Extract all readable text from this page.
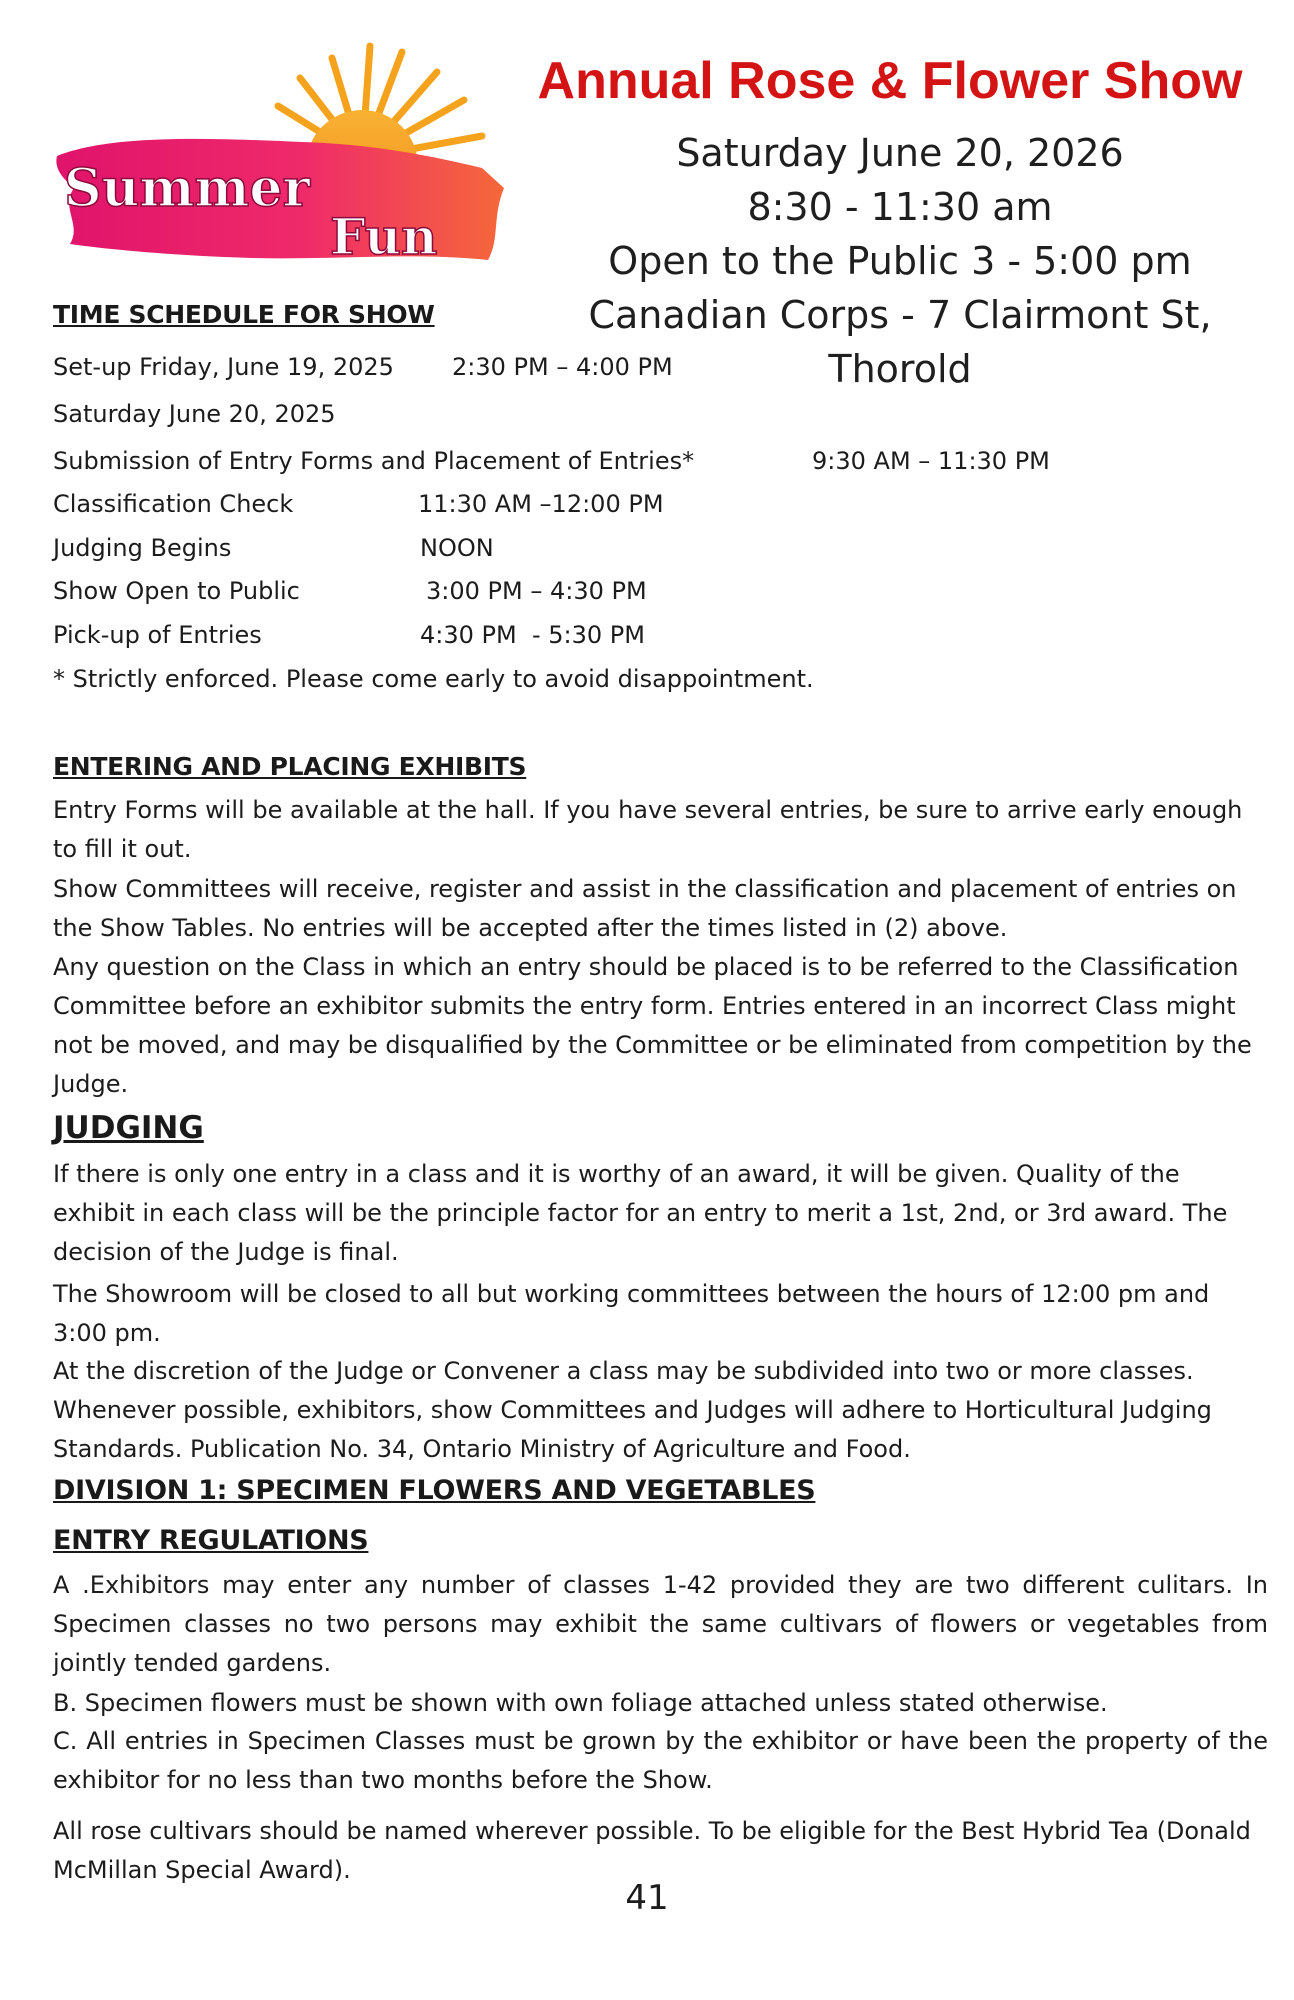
Summer
Fun
Annual Rose & Flower Show
Saturday June 20, 2026
8:30 - 11:30 am
Open to the Public 3 - 5:00 pm
Canadian Corps - 7 Clairmont St,
Thorold
TIME SCHEDULE FOR SHOW
Set-up Friday, June 19, 2025 2:30 PM – 4:00 PM
Saturday June 20, 2025
Submission of Entry Forms and Placement of Entries*	9:30 AM – 11:30 PM
Classification Check	11:30 AM –12:00 PM
Judging Begins	NOON
Show Open to Public	3:00 PM – 4:30 PM
Pick-up of Entries	4:30 PM  - 5:30 PM
* Strictly enforced. Please come early to avoid disappointment.
ENTERING AND PLACING EXHIBITS

Entry Forms will be available at the hall. If you have several entries, be sure to arrive early enough to fill it out.

Show Committees will receive, register and assist in the classification and placement of entries on the Show Tables. No entries will be accepted after the times listed in (2) above.

Any question on the Class in which an entry should be placed is to be referred to the Classification Committee before an exhibitor submits the entry form. Entries entered in an incorrect Class might not be moved, and may be disqualified by the Committee or be eliminated from competition by the Judge.

JUDGING

If there is only one entry in a class and it is worthy of an award, it will be given. Quality of the exhibit in each class will be the principle factor for an entry to merit a 1st, 2nd, or 3rd award. The decision of the Judge is final.

The Showroom will be closed to all but working committees between the hours of 12:00 pm and 3:00 pm.

At the discretion of the Judge or Convener a class may be subdivided into two or more classes. Whenever possible, exhibitors, show Committees and Judges will adhere to Horticultural Judging Standards. Publication No. 34, Ontario Ministry of Agriculture and Food.

DIVISION 1: SPECIMEN FLOWERS AND VEGETABLES
ENTRY REGULATIONS

A .Exhibitors may enter any number of classes 1-42 provided they are two different culitars. In Specimen classes no two persons may exhibit the same cultivars of flowers or vegetables from jointly tended gardens.

B. Specimen flowers must be shown with own foliage attached unless stated otherwise.

C. All entries in Specimen Classes must be grown by the exhibitor or have been the property of the exhibitor for no less than two months before the Show.

All rose cultivars should be named wherever possible. To be eligible for the Best Hybrid Tea (Donald McMillan Special Award).

41
